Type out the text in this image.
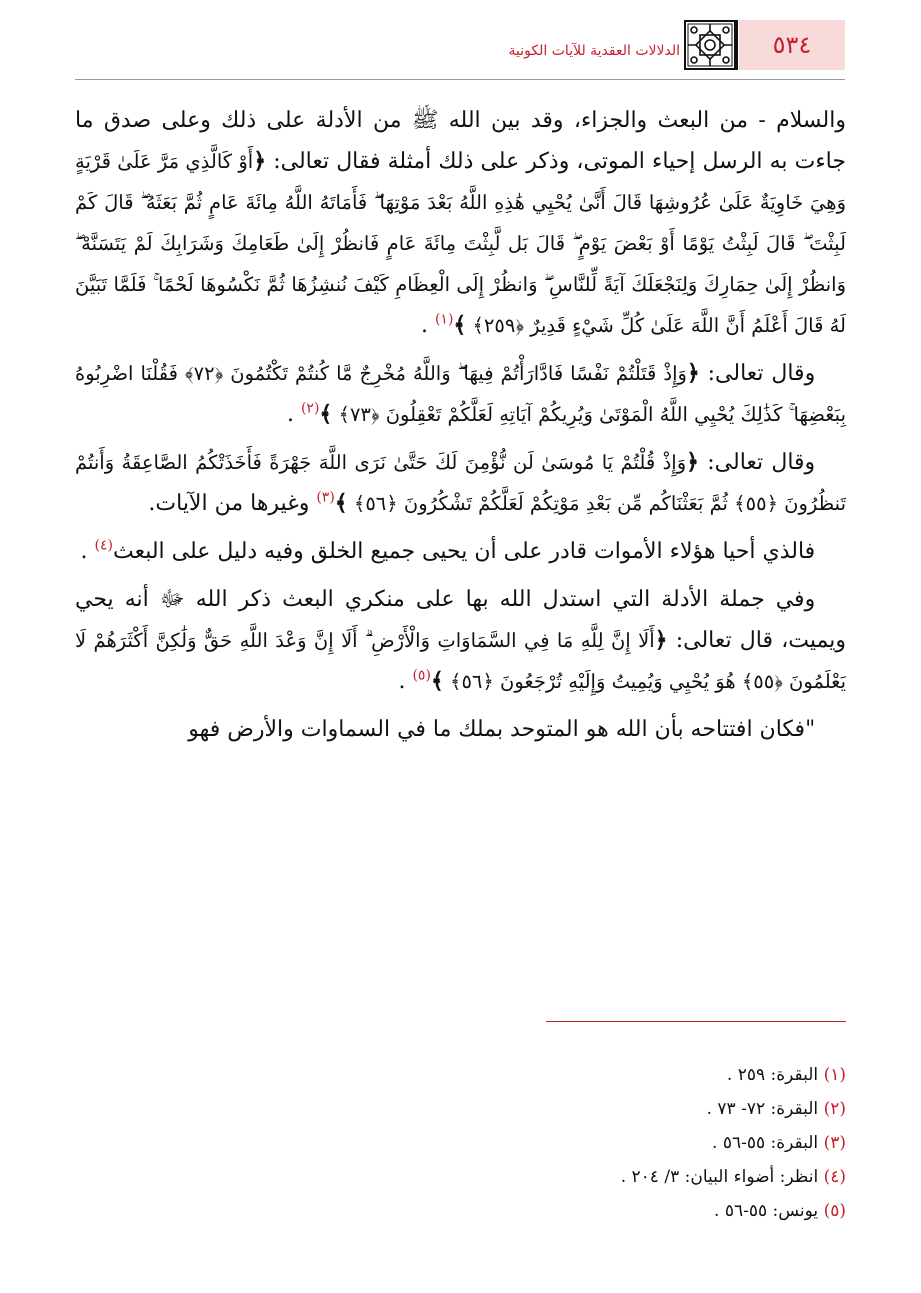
٥٣٤
الدلالات العقدية للآيات الكونية

والسلام - من البعث والجزاء، وقد بين الله ﷺ من الأدلة على ذلك وعلى صدق ما جاءت به الرسل إحياء الموتى، وذكر على ذلك أمثلة فقال تعالى: ﴿أَوْ كَالَّذِي مَرَّ عَلَىٰ قَرْيَةٍ وَهِيَ خَاوِيَةٌ عَلَىٰ عُرُوشِهَا قَالَ أَنَّىٰ يُحْيِي هَٰذِهِ اللَّهُ بَعْدَ مَوْتِهَا ۖ فَأَمَاتَهُ اللَّهُ مِائَةَ عَامٍ ثُمَّ بَعَثَهُ ۖ قَالَ كَمْ لَبِثْتَ ۖ قَالَ لَبِثْتُ يَوْمًا أَوْ بَعْضَ يَوْمٍ ۖ قَالَ بَل لَّبِثْتَ مِائَةَ عَامٍ فَانظُرْ إِلَىٰ طَعَامِكَ وَشَرَابِكَ لَمْ يَتَسَنَّهْ ۖ وَانظُرْ إِلَىٰ حِمَارِكَ وَلِنَجْعَلَكَ آيَةً لِّلنَّاسِ ۖ وَانظُرْ إِلَى الْعِظَامِ كَيْفَ نُنشِزُهَا ثُمَّ نَكْسُوهَا لَحْمًا ۚ فَلَمَّا تَبَيَّنَ لَهُ قَالَ أَعْلَمُ أَنَّ اللَّهَ عَلَىٰ كُلِّ شَيْءٍ قَدِيرٌ ﴿٢٥٩﴾ ﴾$^{(١)}$ .

وقال تعالى: ﴿وَإِذْ قَتَلْتُمْ نَفْسًا فَادَّارَأْتُمْ فِيهَا ۖ وَاللَّهُ مُخْرِجٌ مَّا كُنتُمْ تَكْتُمُونَ ﴿٧٢﴾ فَقُلْنَا اضْرِبُوهُ بِبَعْضِهَا ۚ كَذَٰلِكَ يُحْيِي اللَّهُ الْمَوْتَىٰ وَيُرِيكُمْ آيَاتِهِ لَعَلَّكُمْ تَعْقِلُونَ ﴿٧٣﴾ ﴾$^{(٢)}$ .

وقال تعالى: ﴿وَإِذْ قُلْتُمْ يَا مُوسَىٰ لَن نُّؤْمِنَ لَكَ حَتَّىٰ نَرَى اللَّهَ جَهْرَةً فَأَخَذَتْكُمُ الصَّاعِقَةُ وَأَنتُمْ تَنظُرُونَ ﴿٥٥﴾ ثُمَّ بَعَثْنَاكُم مِّن بَعْدِ مَوْتِكُمْ لَعَلَّكُمْ تَشْكُرُونَ ﴿٥٦﴾ ﴾$^{(٣)}$ وغيرها من الآيات.

فالذي أحيا هؤلاء الأموات قادر على أن يحيى جميع الخلق وفيه دليل على البعث$^{(٤)}$ .

وفي جملة الأدلة التي استدل الله بها على منكري البعث ذكر الله ﷻ أنه يحي ويميت، قال تعالى: ﴿أَلَا إِنَّ لِلَّهِ مَا فِي السَّمَاوَاتِ وَالْأَرْضِ ۗ أَلَا إِنَّ وَعْدَ اللَّهِ حَقٌّ وَلَٰكِنَّ أَكْثَرَهُمْ لَا يَعْلَمُونَ ﴿٥٥﴾ هُوَ يُحْيِي وَيُمِيتُ وَإِلَيْهِ تُرْجَعُونَ ﴿٥٦﴾ ﴾$^{(٥)}$ .

"فكان افتتاحه بأن الله هو المتوحد بملك ما في السماوات والأرض فهو

(١) البقرة: ٢٥٩ .

(٢) البقرة: ٧٢- ٧٣ .

(٣) البقرة: ٥٥-٥٦ .

(٤) انظر: أضواء البيان: ٣/ ٢٠٤ .

(٥) يونس: ٥٥-٥٦ .
